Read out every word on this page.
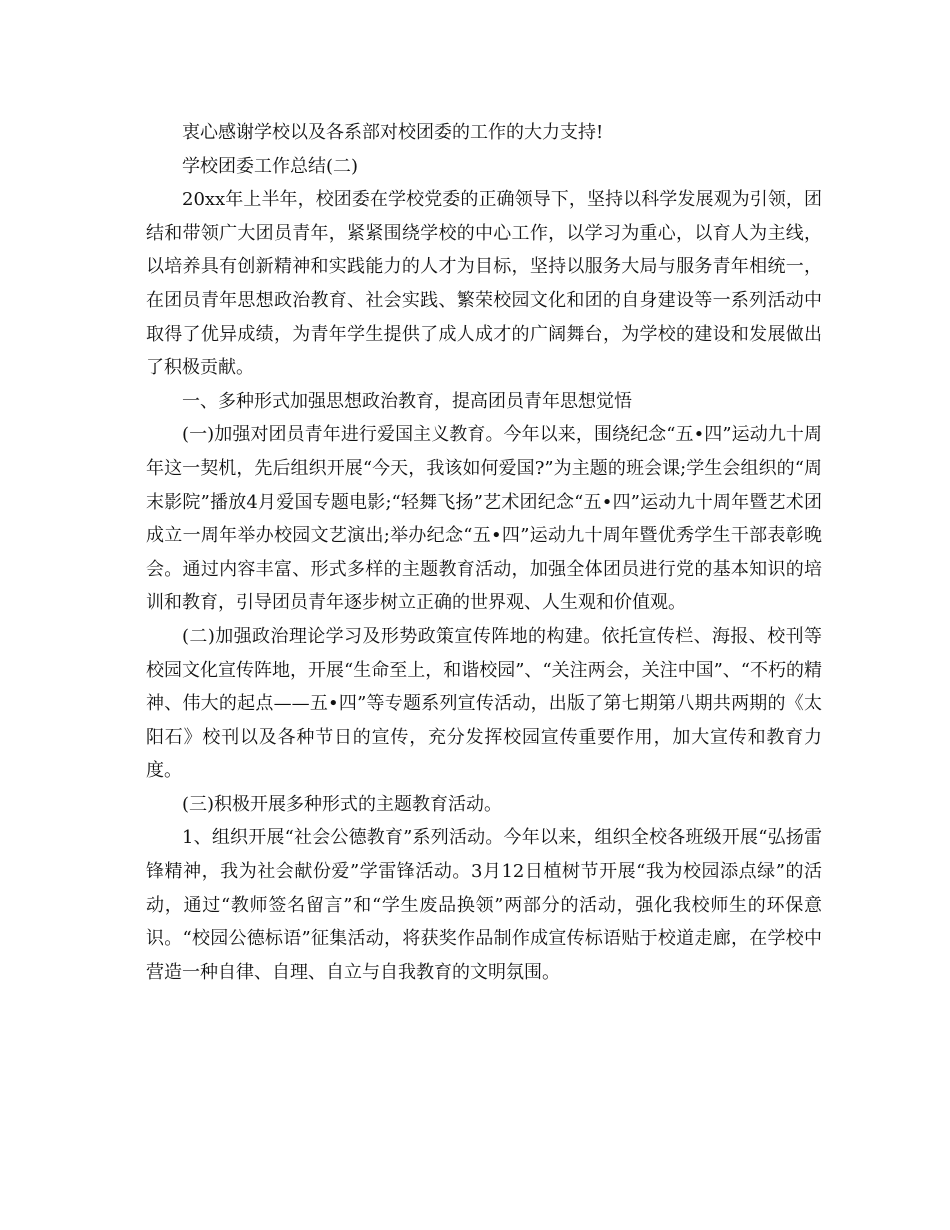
衷心感谢学校以及各系部对校团委的工作的大力支持!

学校团委工作总结(二)

20xx年上半年，校团委在学校党委的正确领导下，坚持以科学发展观为引领，团结和带领广大团员青年，紧紧围绕学校的中心工作，以学习为重心，以育人为主线，以培养具有创新精神和实践能力的人才为目标，坚持以服务大局与服务青年相统一，在团员青年思想政治教育、社会实践、繁荣校园文化和团的自身建设等一系列活动中取得了优异成绩，为青年学生提供了成人成才的广阔舞台，为学校的建设和发展做出了积极贡献。

一、多种形式加强思想政治教育，提高团员青年思想觉悟

(一)加强对团员青年进行爱国主义教育。今年以来，围绕纪念“五•四”运动九十周年这一契机，先后组织开展“今天，我该如何爱国?”为主题的班会课;学生会组织的“周末影院”播放4月爱国专题电影;“轻舞飞扬”艺术团纪念“五•四”运动九十周年暨艺术团成立一周年举办校园文艺演出;举办纪念“五•四”运动九十周年暨优秀学生干部表彰晚会。通过内容丰富、形式多样的主题教育活动，加强全体团员进行党的基本知识的培训和教育，引导团员青年逐步树立正确的世界观、人生观和价值观。

(二)加强政治理论学习及形势政策宣传阵地的构建。依托宣传栏、海报、校刊等校园文化宣传阵地，开展“生命至上，和谐校园”、“关注两会，关注中国”、“不朽的精神、伟大的起点——五•四”等专题系列宣传活动，出版了第七期第八期共两期的《太阳石》校刊以及各种节日的宣传，充分发挥校园宣传重要作用，加大宣传和教育力度。

(三)积极开展多种形式的主题教育活动。

1、组织开展“社会公德教育”系列活动。今年以来，组织全校各班级开展“弘扬雷锋精神，我为社会献份爱”学雷锋活动。3月12日植树节开展“我为校园添点绿”的活动，通过“教师签名留言”和“学生废品换领”两部分的活动，强化我校师生的环保意识。“校园公德标语”征集活动，将获奖作品制作成宣传标语贴于校道走廊，在学校中营造一种自律、自理、自立与自我教育的文明氛围。
